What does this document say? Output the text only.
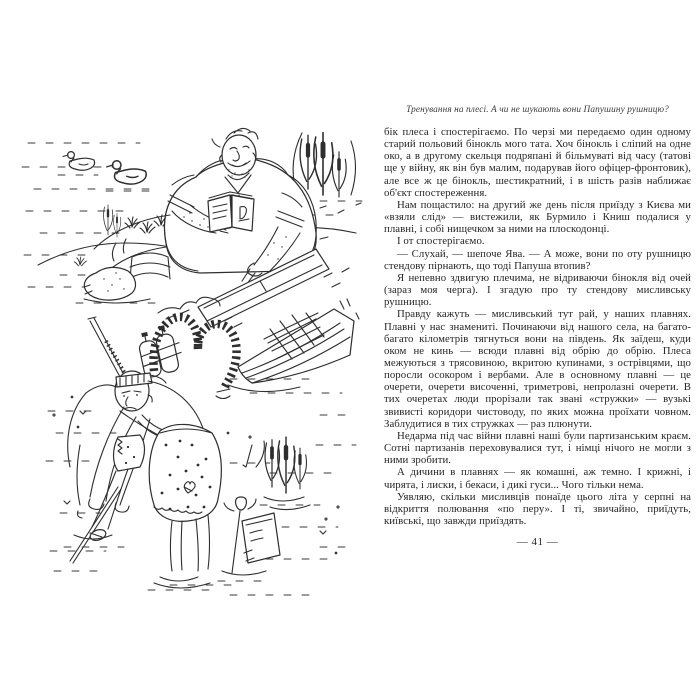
Тренування на плесі. А чи не шукають вони Папушину рушницю?

бік плеса і спостерігаємо. По черзі ми передаємо один одному старий польовий бінокль мого тата. Хоч бінокль і сліпий на одне око, а в другому скельця подряпані й більмуваті від часу (татові ще у війну, як він був малим, подарував його офіцер-фронтовик), але все ж це бінокль, шестикратний, і в шість разів наближає об'єкт спостереження.

Нам пощастило: на другий же день після приїзду з Києва ми «взяли слід» — вистежили, як Бурмило і Книш подалися у плавні, і собі нищечком за ними на плоскодонці.

І от спостерігаємо.

— Слухай, — шепоче Ява. — А може, вони по оту рушницю стендову пірнають, що тоді Папуша втопив?

Я непевно здвигую плечима, не відриваючи бінокля від очей (зараз моя черга). І згадую про ту стендову мисливську рушницю.

Правду кажуть — мисливський тут рай, у наших плавнях. Плавні у нас знамениті. Починаючи від нашого села, на багато-багато кілометрів тягнуться вони на південь. Як заїдеш, куди оком не кинь — всюди плавні від обрію до обрію. Плеса межуються з трясовиною, вкритою купинами, з острівцями, що поросли осокором і вербами. Але в основному плавні — це очерети, очерети височенні, триметрові, непролазні очерети. В тих очеретах люди прорізали так звані «стружки» — вузькі звивисті коридори чистоводу, по яких можна проїхати човном. Заблудитися в тих стружках — раз плюнути.

Недарма під час війни плавні наші були партизанським краєм. Сотні партизанів переховувалися тут, і німці нічого не могли з ними зробити.

А дичини в плавнях — як комашні, аж темно. І крижні, і чирята, і лиски, і бекаси, і дикі гуси... Чого тільки нема.

Уявляю, скільки мисливців понаїде цього літа у серпні на відкриття полювання «по перу». І ті, звичайно, приїдуть, київські, що завжди приїздять.

— 41 —
